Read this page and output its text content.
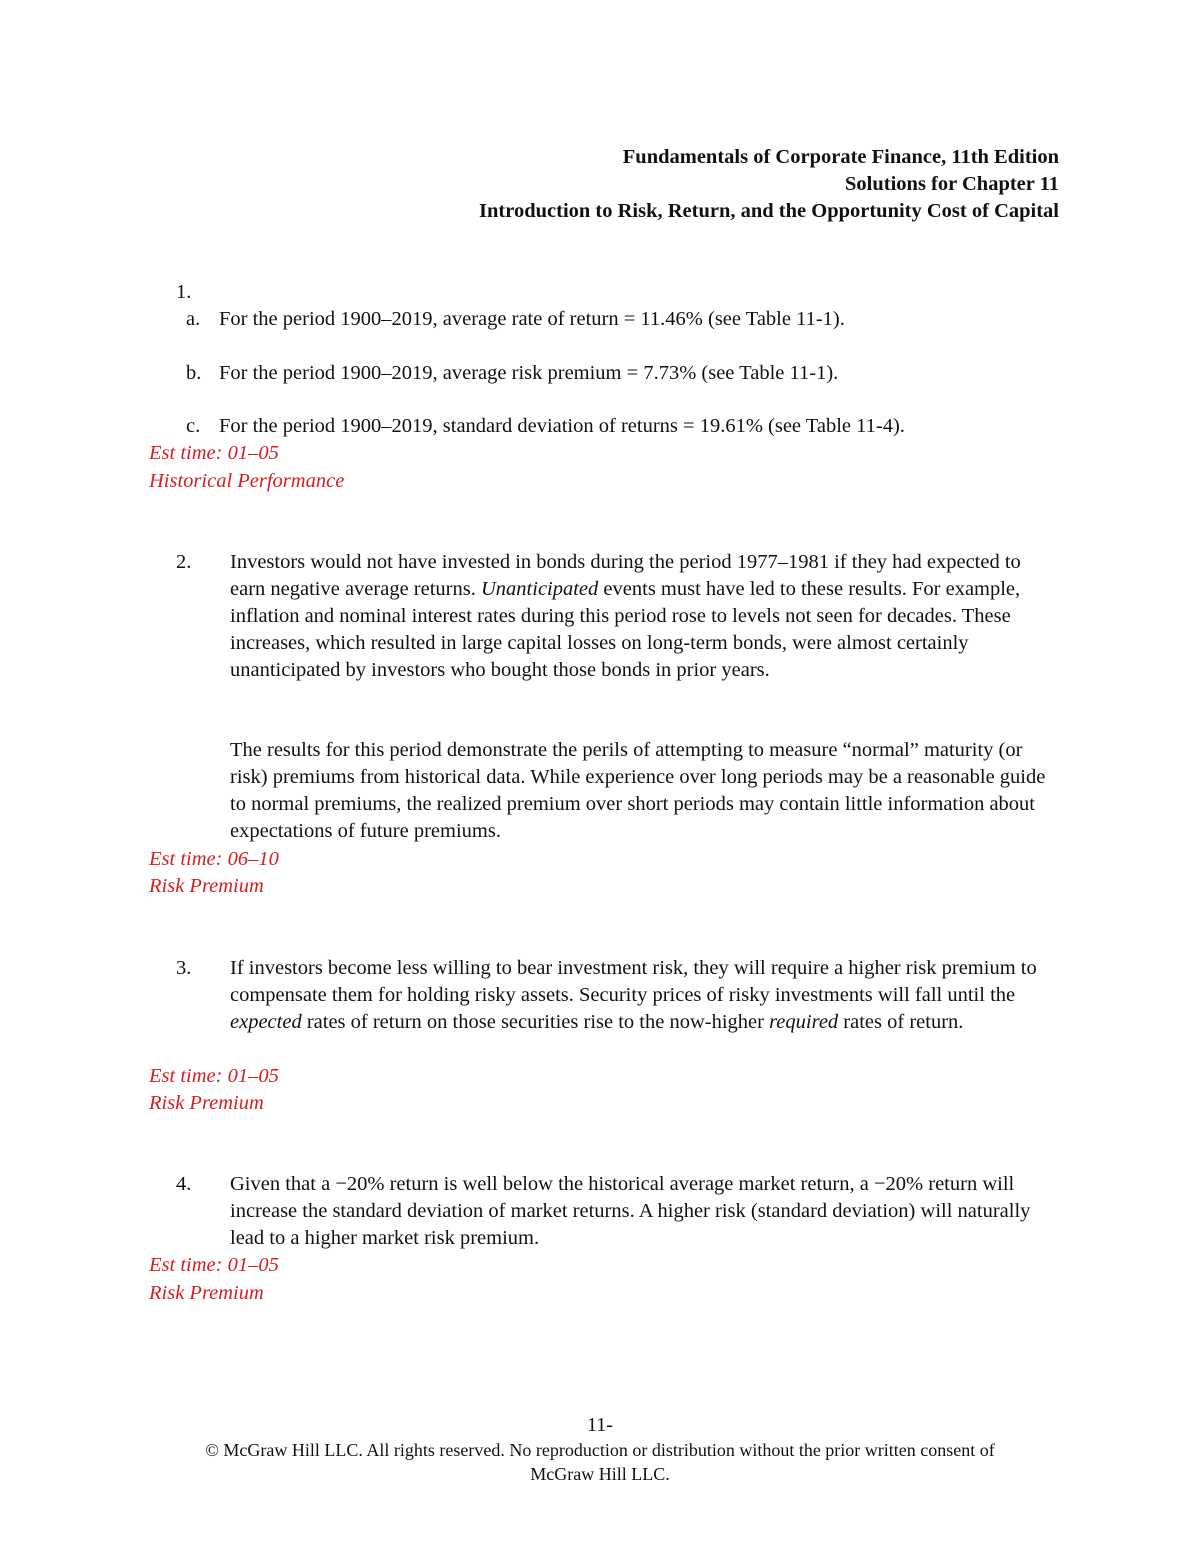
Fundamentals of Corporate Finance, 11th Edition
Solutions for Chapter 11
Introduction to Risk, Return, and the Opportunity Cost of Capital
1.
a. For the period 1900–2019, average rate of return = 11.46% (see Table 11-1).
b. For the period 1900–2019, average risk premium = 7.73% (see Table 11-1).
c. For the period 1900–2019, standard deviation of returns = 19.61% (see Table 11-4).
Est time: 01–05
Historical Performance
2. Investors would not have invested in bonds during the period 1977–1981 if they had expected to earn negative average returns. Unanticipated events must have led to these results. For example, inflation and nominal interest rates during this period rose to levels not seen for decades. These increases, which resulted in large capital losses on long-term bonds, were almost certainly unanticipated by investors who bought those bonds in prior years.
The results for this period demonstrate the perils of attempting to measure “normal” maturity (or risk) premiums from historical data. While experience over long periods may be a reasonable guide to normal premiums, the realized premium over short periods may contain little information about expectations of future premiums.
Est time: 06–10
Risk Premium
3. If investors become less willing to bear investment risk, they will require a higher risk premium to compensate them for holding risky assets. Security prices of risky investments will fall until the expected rates of return on those securities rise to the now-higher required rates of return.
Est time: 01–05
Risk Premium
4. Given that a −20% return is well below the historical average market return, a −20% return will increase the standard deviation of market returns. A higher risk (standard deviation) will naturally lead to a higher market risk premium.
Est time: 01–05
Risk Premium
11-
© McGraw Hill LLC. All rights reserved. No reproduction or distribution without the prior written consent of
McGraw Hill LLC.
